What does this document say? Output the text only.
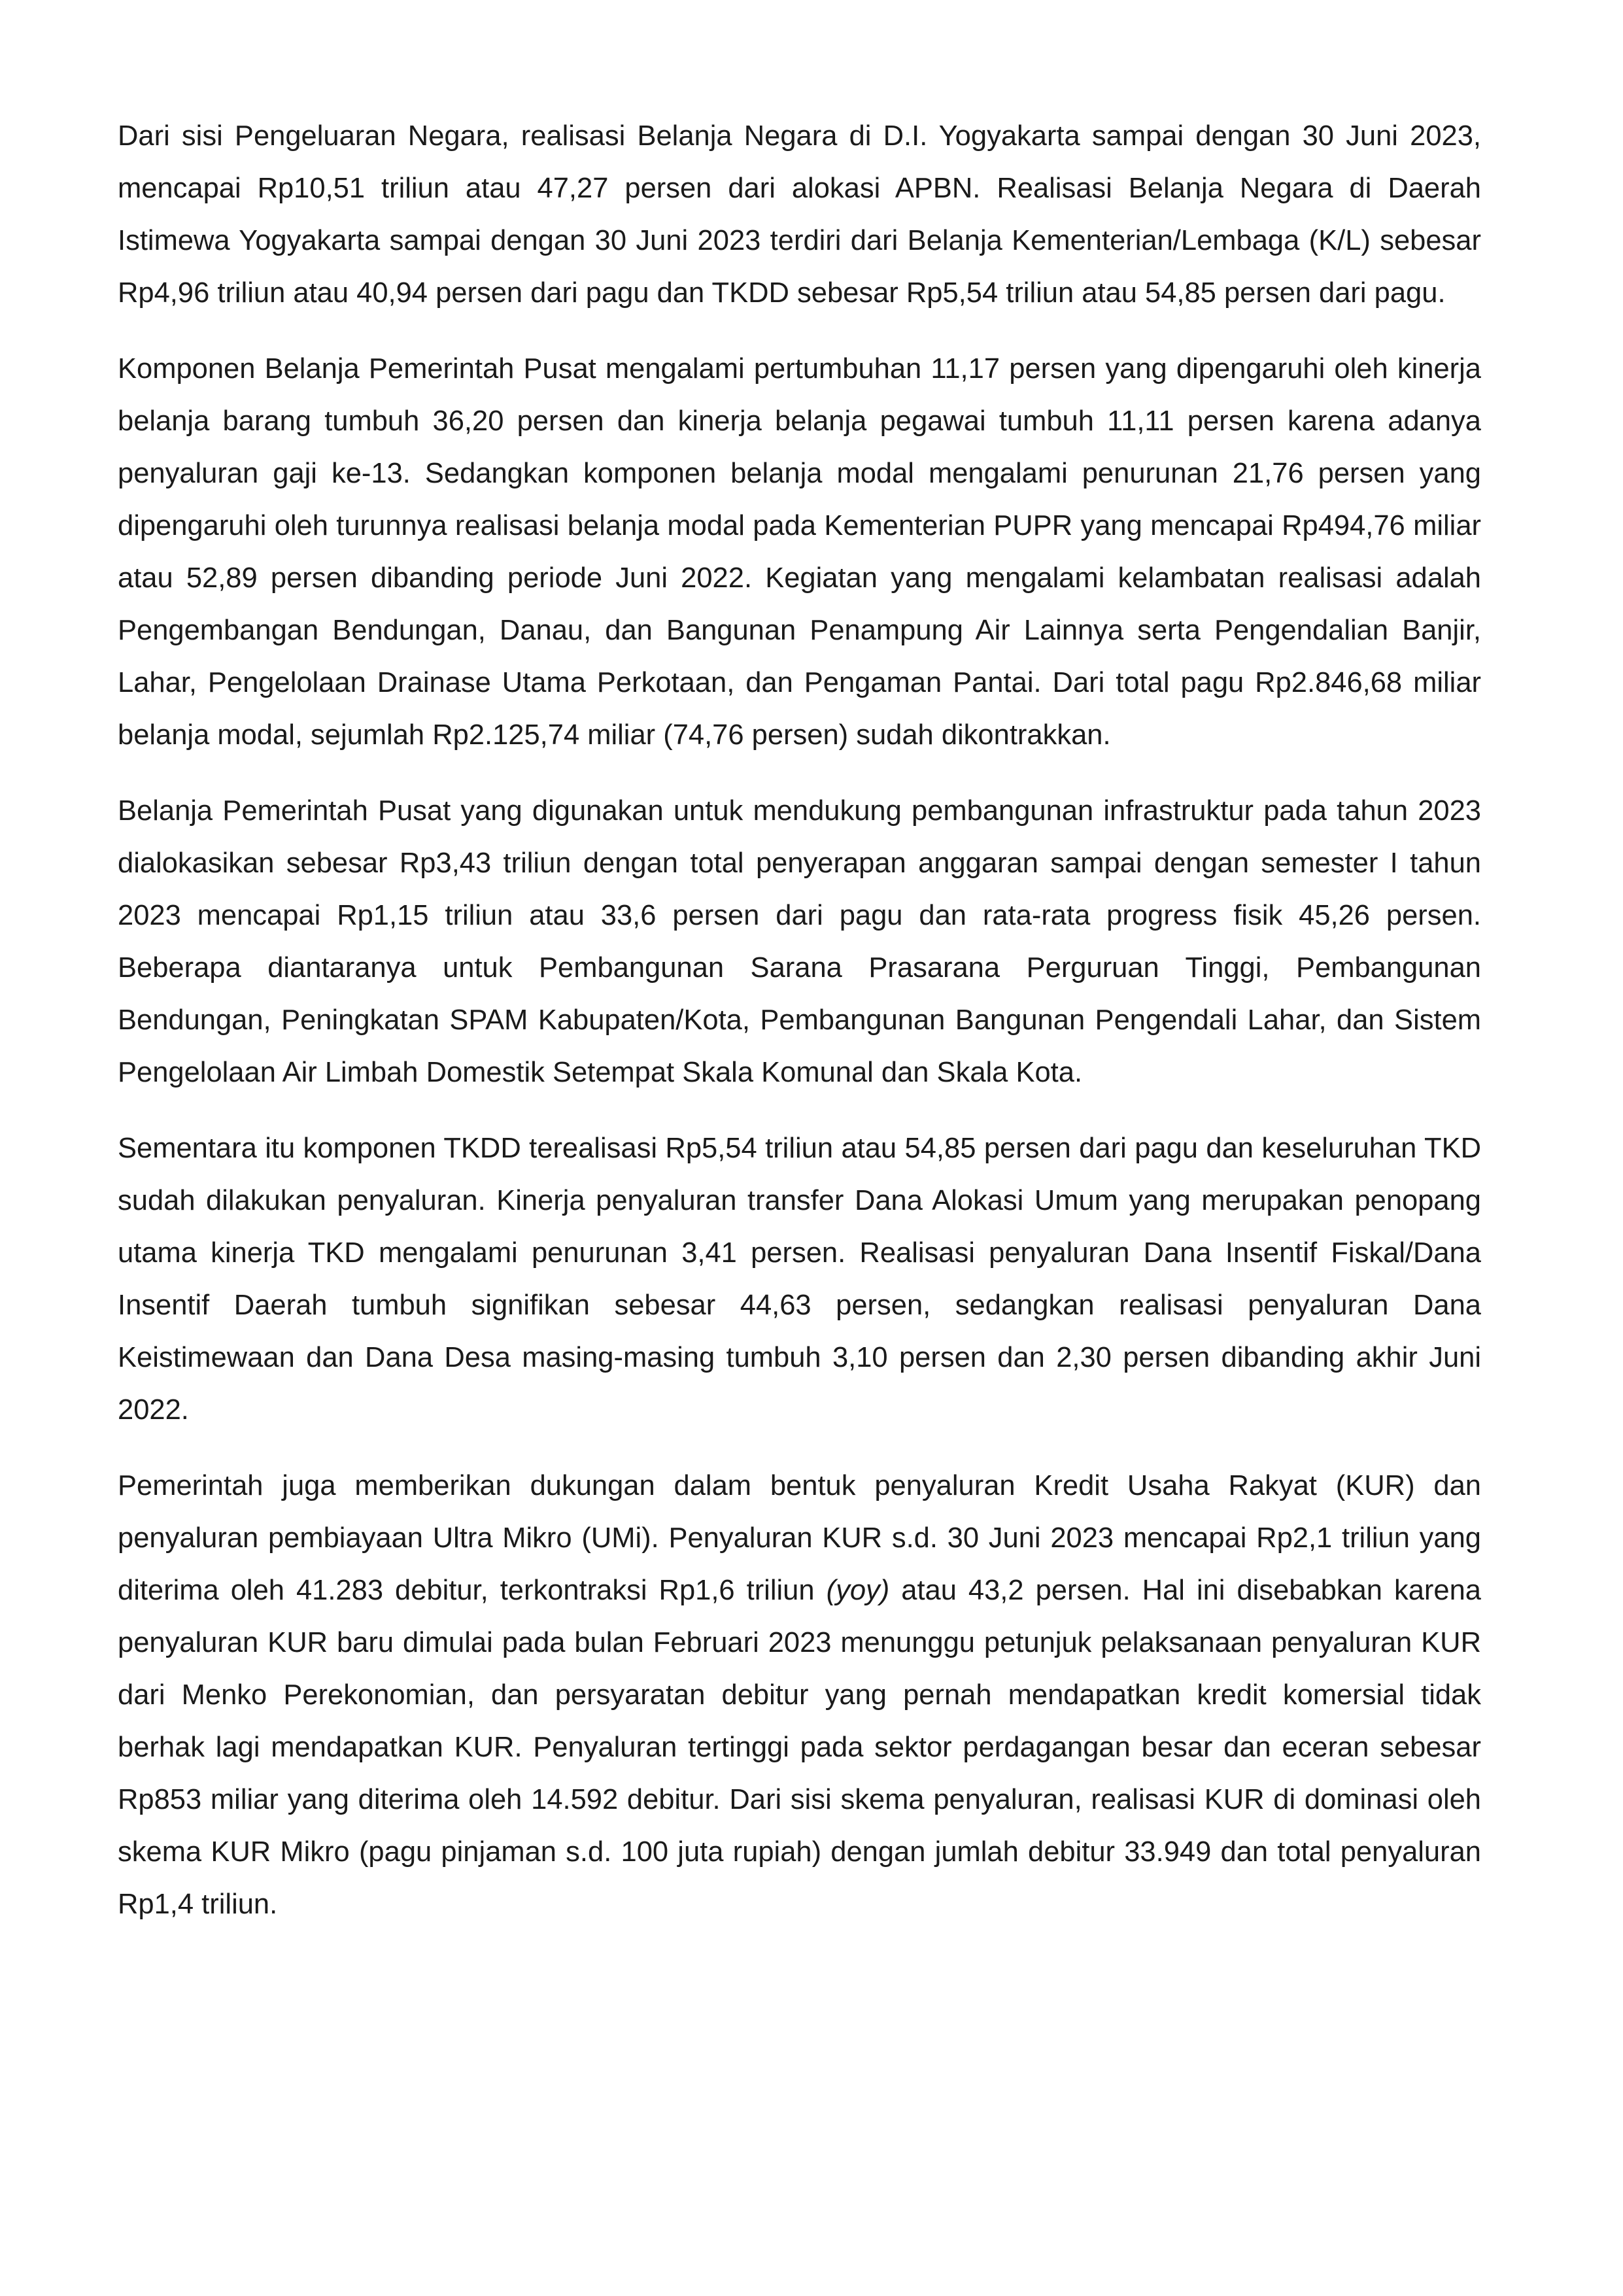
Dari sisi Pengeluaran Negara, realisasi Belanja Negara di D.I. Yogyakarta sampai dengan 30 Juni 2023, mencapai Rp10,51 triliun atau 47,27 persen dari alokasi APBN. Realisasi Belanja Negara di Daerah Istimewa Yogyakarta sampai dengan 30 Juni 2023 terdiri dari Belanja Kementerian/Lembaga (K/L) sebesar Rp4,96 triliun atau 40,94 persen dari pagu dan TKDD sebesar Rp5,54 triliun atau 54,85 persen dari pagu.

Komponen Belanja Pemerintah Pusat mengalami pertumbuhan 11,17 persen yang dipengaruhi oleh kinerja belanja barang tumbuh 36,20 persen dan kinerja belanja pegawai tumbuh 11,11 persen karena adanya penyaluran gaji ke-13. Sedangkan komponen belanja modal mengalami penurunan 21,76 persen yang dipengaruhi oleh turunnya realisasi belanja modal pada Kementerian PUPR yang mencapai Rp494,76 miliar atau 52,89 persen dibanding periode Juni 2022. Kegiatan yang mengalami kelambatan realisasi adalah Pengembangan Bendungan, Danau, dan Bangunan Penampung Air Lainnya serta Pengendalian Banjir, Lahar, Pengelolaan Drainase Utama Perkotaan, dan Pengaman Pantai. Dari total pagu Rp2.846,68 miliar belanja modal, sejumlah Rp2.125,74 miliar (74,76 persen) sudah dikontrakkan.

Belanja Pemerintah Pusat yang digunakan untuk mendukung pembangunan infrastruktur pada tahun 2023 dialokasikan sebesar Rp3,43 triliun dengan total penyerapan anggaran sampai dengan semester I tahun 2023 mencapai Rp1,15 triliun atau 33,6 persen dari pagu dan rata-rata progress fisik 45,26 persen. Beberapa diantaranya untuk Pembangunan Sarana Prasarana Perguruan Tinggi, Pembangunan Bendungan, Peningkatan SPAM Kabupaten/Kota, Pembangunan Bangunan Pengendali Lahar, dan Sistem Pengelolaan Air Limbah Domestik Setempat Skala Komunal dan Skala Kota.

Sementara itu komponen TKDD terealisasi Rp5,54 triliun atau 54,85 persen dari pagu dan keseluruhan TKD sudah dilakukan penyaluran. Kinerja penyaluran transfer Dana Alokasi Umum yang merupakan penopang utama kinerja TKD mengalami penurunan 3,41 persen. Realisasi penyaluran Dana Insentif Fiskal/Dana Insentif Daerah tumbuh signifikan sebesar 44,63 persen, sedangkan realisasi penyaluran Dana Keistimewaan dan Dana Desa masing-masing tumbuh 3,10 persen dan 2,30 persen dibanding akhir Juni 2022.

Pemerintah juga memberikan dukungan dalam bentuk penyaluran Kredit Usaha Rakyat (KUR) dan penyaluran pembiayaan Ultra Mikro (UMi). Penyaluran KUR s.d. 30 Juni 2023 mencapai Rp2,1 triliun yang diterima oleh 41.283 debitur, terkontraksi Rp1,6 triliun (yoy) atau 43,2 persen. Hal ini disebabkan karena penyaluran KUR baru dimulai pada bulan Februari 2023 menunggu petunjuk pelaksanaan penyaluran KUR dari Menko Perekonomian, dan persyaratan debitur yang pernah mendapatkan kredit komersial tidak berhak lagi mendapatkan KUR. Penyaluran tertinggi pada sektor perdagangan besar dan eceran sebesar Rp853 miliar yang diterima oleh 14.592 debitur. Dari sisi skema penyaluran, realisasi KUR di dominasi oleh skema KUR Mikro (pagu pinjaman s.d. 100 juta rupiah) dengan jumlah debitur 33.949 dan total penyaluran Rp1,4 triliun.
